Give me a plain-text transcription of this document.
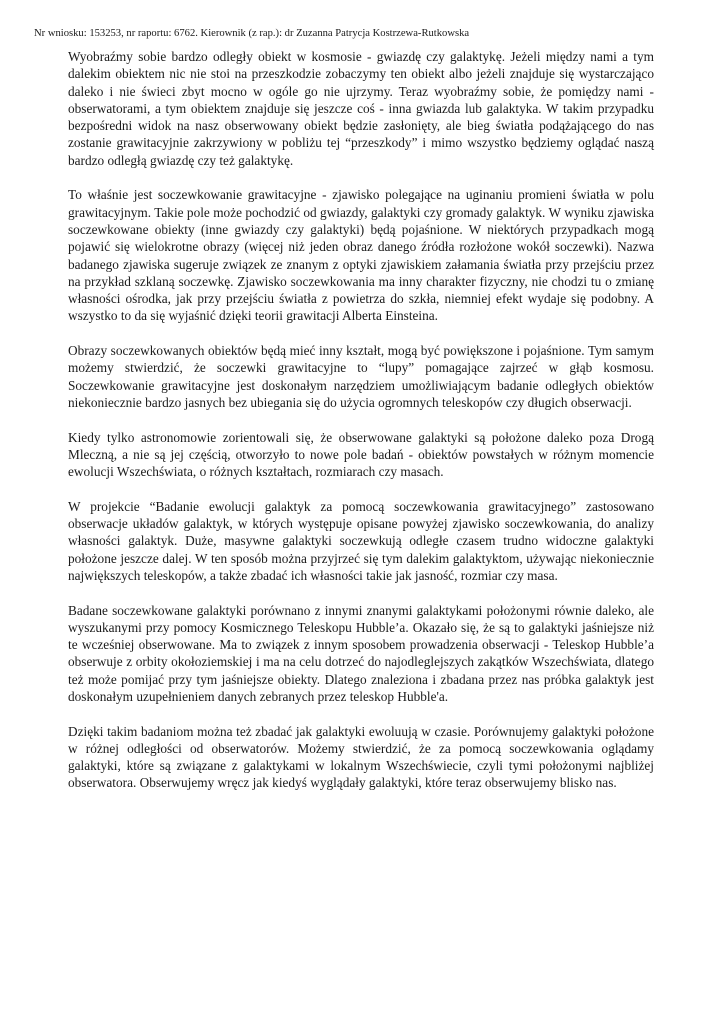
Nr wniosku: 153253, nr raportu: 6762. Kierownik (z rap.): dr Zuzanna Patrycja Kostrzewa-Rutkowska

Wyobraźmy sobie bardzo odległy obiekt w kosmosie - gwiazdę czy galaktykę. Jeżeli między nami a tym dalekim obiektem nic nie stoi na przeszkodzie zobaczymy ten obiekt albo jeżeli znajduje się wystarczająco daleko i nie świeci zbyt mocno w ogóle go nie ujrzymy. Teraz wyobraźmy sobie, że pomiędzy nami - obserwatorami, a tym obiektem znajduje się jeszcze coś - inna gwiazda lub galaktyka. W takim przypadku bezpośredni widok na nasz obserwowany obiekt będzie zasłonięty, ale bieg światła podążającego do nas zostanie grawitacyjnie zakrzywiony w pobliżu tej “przeszkody” i mimo wszystko będziemy oglądać naszą bardzo odległą gwiazdę czy też galaktykę.

To właśnie jest soczewkowanie grawitacyjne - zjawisko polegające na uginaniu promieni światła w polu grawitacyjnym. Takie pole może pochodzić od gwiazdy, galaktyki czy gromady galaktyk. W wyniku zjawiska soczewkowane obiekty (inne gwiazdy czy galaktyki) będą pojaśnione. W niektórych przypadkach mogą pojawić się wielokrotne obrazy (więcej niż jeden obraz danego źródła rozłożone wokół soczewki). Nazwa badanego zjawiska sugeruje związek ze znanym z optyki zjawiskiem załamania światła przy przejściu przez na przykład szklaną soczewkę. Zjawisko soczewkowania ma inny charakter fizyczny, nie chodzi tu o zmianę własności ośrodka, jak przy przejściu światła z powietrza do szkła, niemniej efekt wydaje się podobny. A wszystko to da się wyjaśnić dzięki teorii grawitacji Alberta Einsteina.

Obrazy soczewkowanych obiektów będą mieć inny kształt, mogą być powiększone i pojaśnione. Tym samym możemy stwierdzić, że soczewki grawitacyjne to “lupy” pomagające zajrzeć w głąb kosmosu. Soczewkowanie grawitacyjne jest doskonałym narzędziem umożliwiającym badanie odległych obiektów niekoniecznie bardzo jasnych bez ubiegania się do użycia ogromnych teleskopów czy długich obserwacji.

Kiedy tylko astronomowie zorientowali się, że obserwowane galaktyki są położone daleko poza Drogą Mleczną, a nie są jej częścią, otworzyło to nowe pole badań - obiektów powstałych w różnym momencie ewolucji Wszechświata, o różnych kształtach, rozmiarach czy masach.

W projekcie “Badanie ewolucji galaktyk za pomocą soczewkowania grawitacyjnego” zastosowano obserwacje układów galaktyk, w których występuje opisane powyżej zjawisko soczewkowania, do analizy własności galaktyk. Duże, masywne galaktyki soczewkują odległe czasem trudno widoczne galaktyki położone jeszcze dalej. W ten sposób można przyjrzeć się tym dalekim galaktyktom, używając niekoniecznie największych teleskopów, a także zbadać ich własności takie jak jasność, rozmiar czy masa.

Badane soczewkowane galaktyki porównano z innymi znanymi galaktykami położonymi równie daleko, ale wyszukanymi przy pomocy Kosmicznego Teleskopu Hubble’a. Okazało się, że są to galaktyki jaśniejsze niż te wcześniej obserwowane. Ma to związek z innym sposobem prowadzenia obserwacji - Teleskop Hubble’a obserwuje z orbity okołoziemskiej i ma na celu dotrzeć do najodleglejszych zakątków Wszechświata, dlatego też może pomijać przy tym jaśniejsze obiekty. Dlatego znaleziona i zbadana przez nas próbka galaktyk jest doskonałym uzupełnieniem danych zebranych przez teleskop Hubble'a.

Dzięki takim badaniom można też zbadać jak galaktyki ewoluują w czasie. Porównujemy galaktyki położone w różnej odległości od obserwatorów. Możemy stwierdzić, że za pomocą soczewkowania oglądamy galaktyki, które są związane z galaktykami w lokalnym Wszechświecie, czyli tymi położonymi najbliżej obserwatora. Obserwujemy wręcz jak kiedyś wyglądały galaktyki, które teraz obserwujemy blisko nas.
